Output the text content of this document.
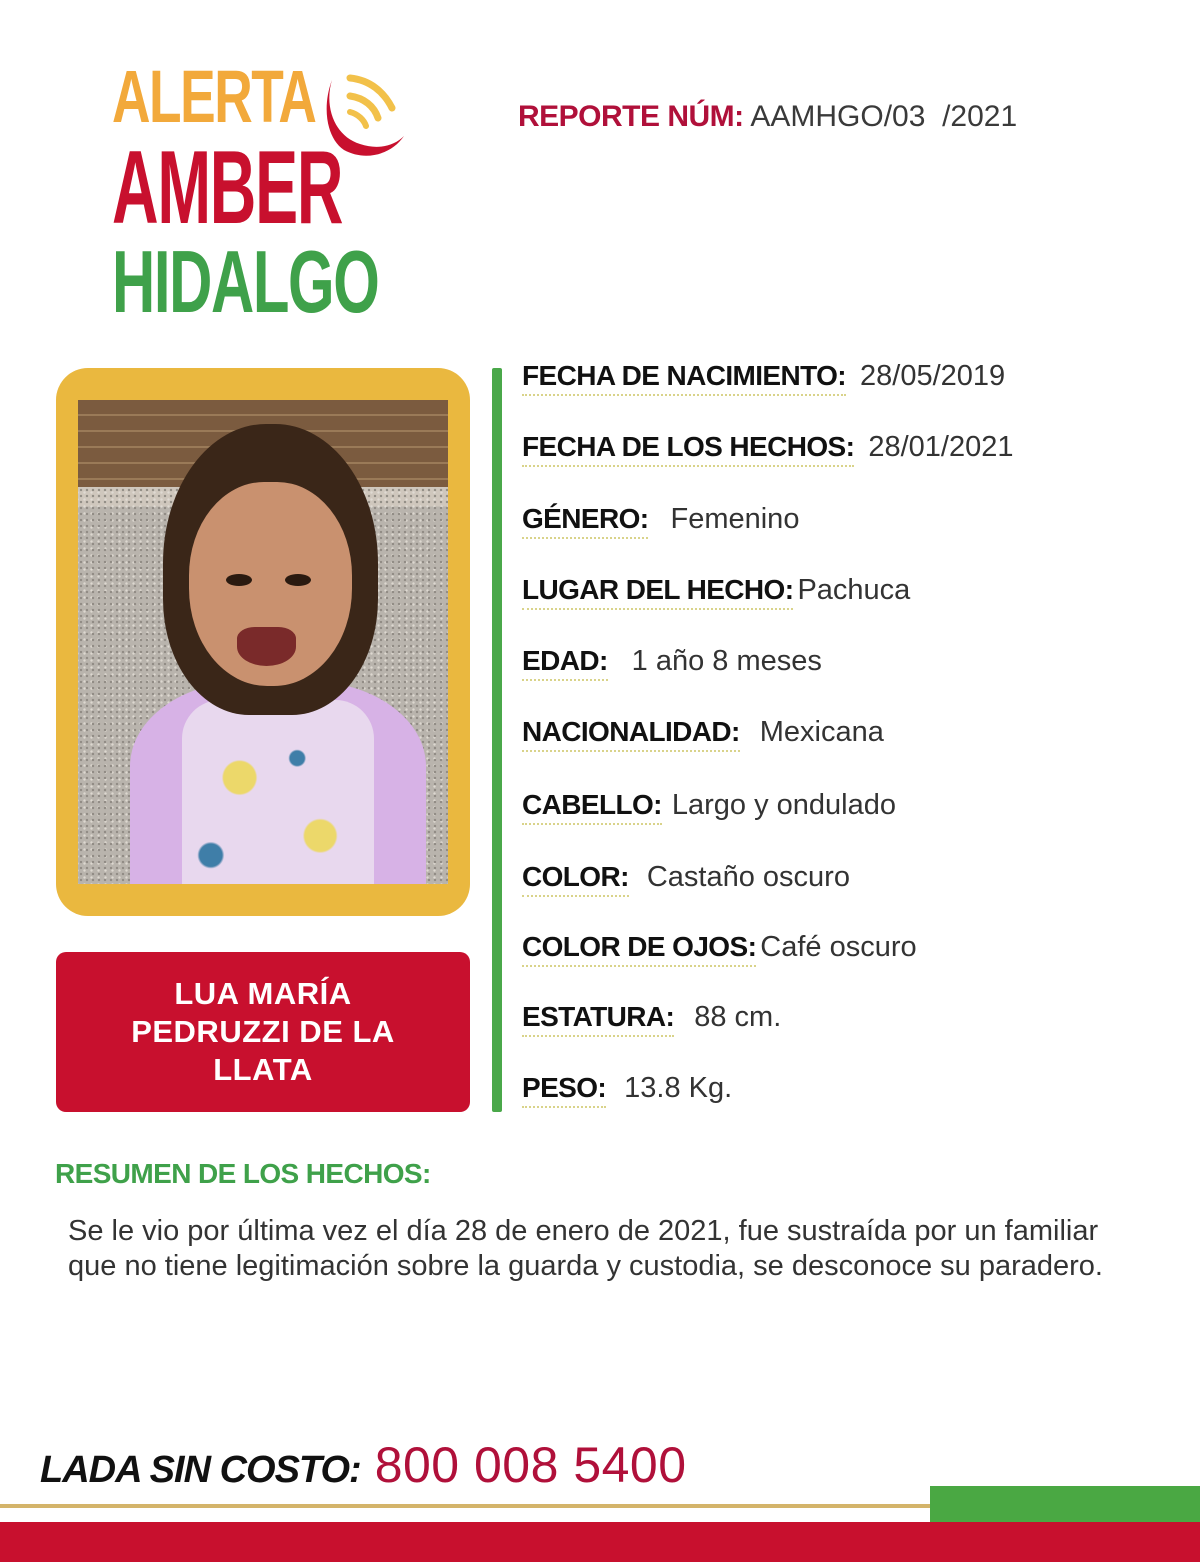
ALERTA
AMBER
HIDALGO
REPORTE NÚM: AAMHGO/03  /2021
LUA MARÍA PEDRUZZI DE LA LLATA
FECHA DE NACIMIENTO: 28/05/2019
FECHA DE LOS HECHOS: 28/01/2021
GÉNERO: Femenino
LUGAR DEL HECHO: Pachuca
EDAD: 1 año 8 meses
NACIONALIDAD: Mexicana
CABELLO: Largo y ondulado
COLOR: Castaño oscuro
COLOR DE OJOS: Café oscuro
ESTATURA: 88 cm.
PESO: 13.8 Kg.
RESUMEN DE LOS HECHOS:
Se le vio por última vez el día 28 de enero de 2021, fue sustraída por un familiar que no tiene legitimación sobre la guarda y custodia, se desconoce su paradero.
LADA SIN COSTO: 800 008 5400
